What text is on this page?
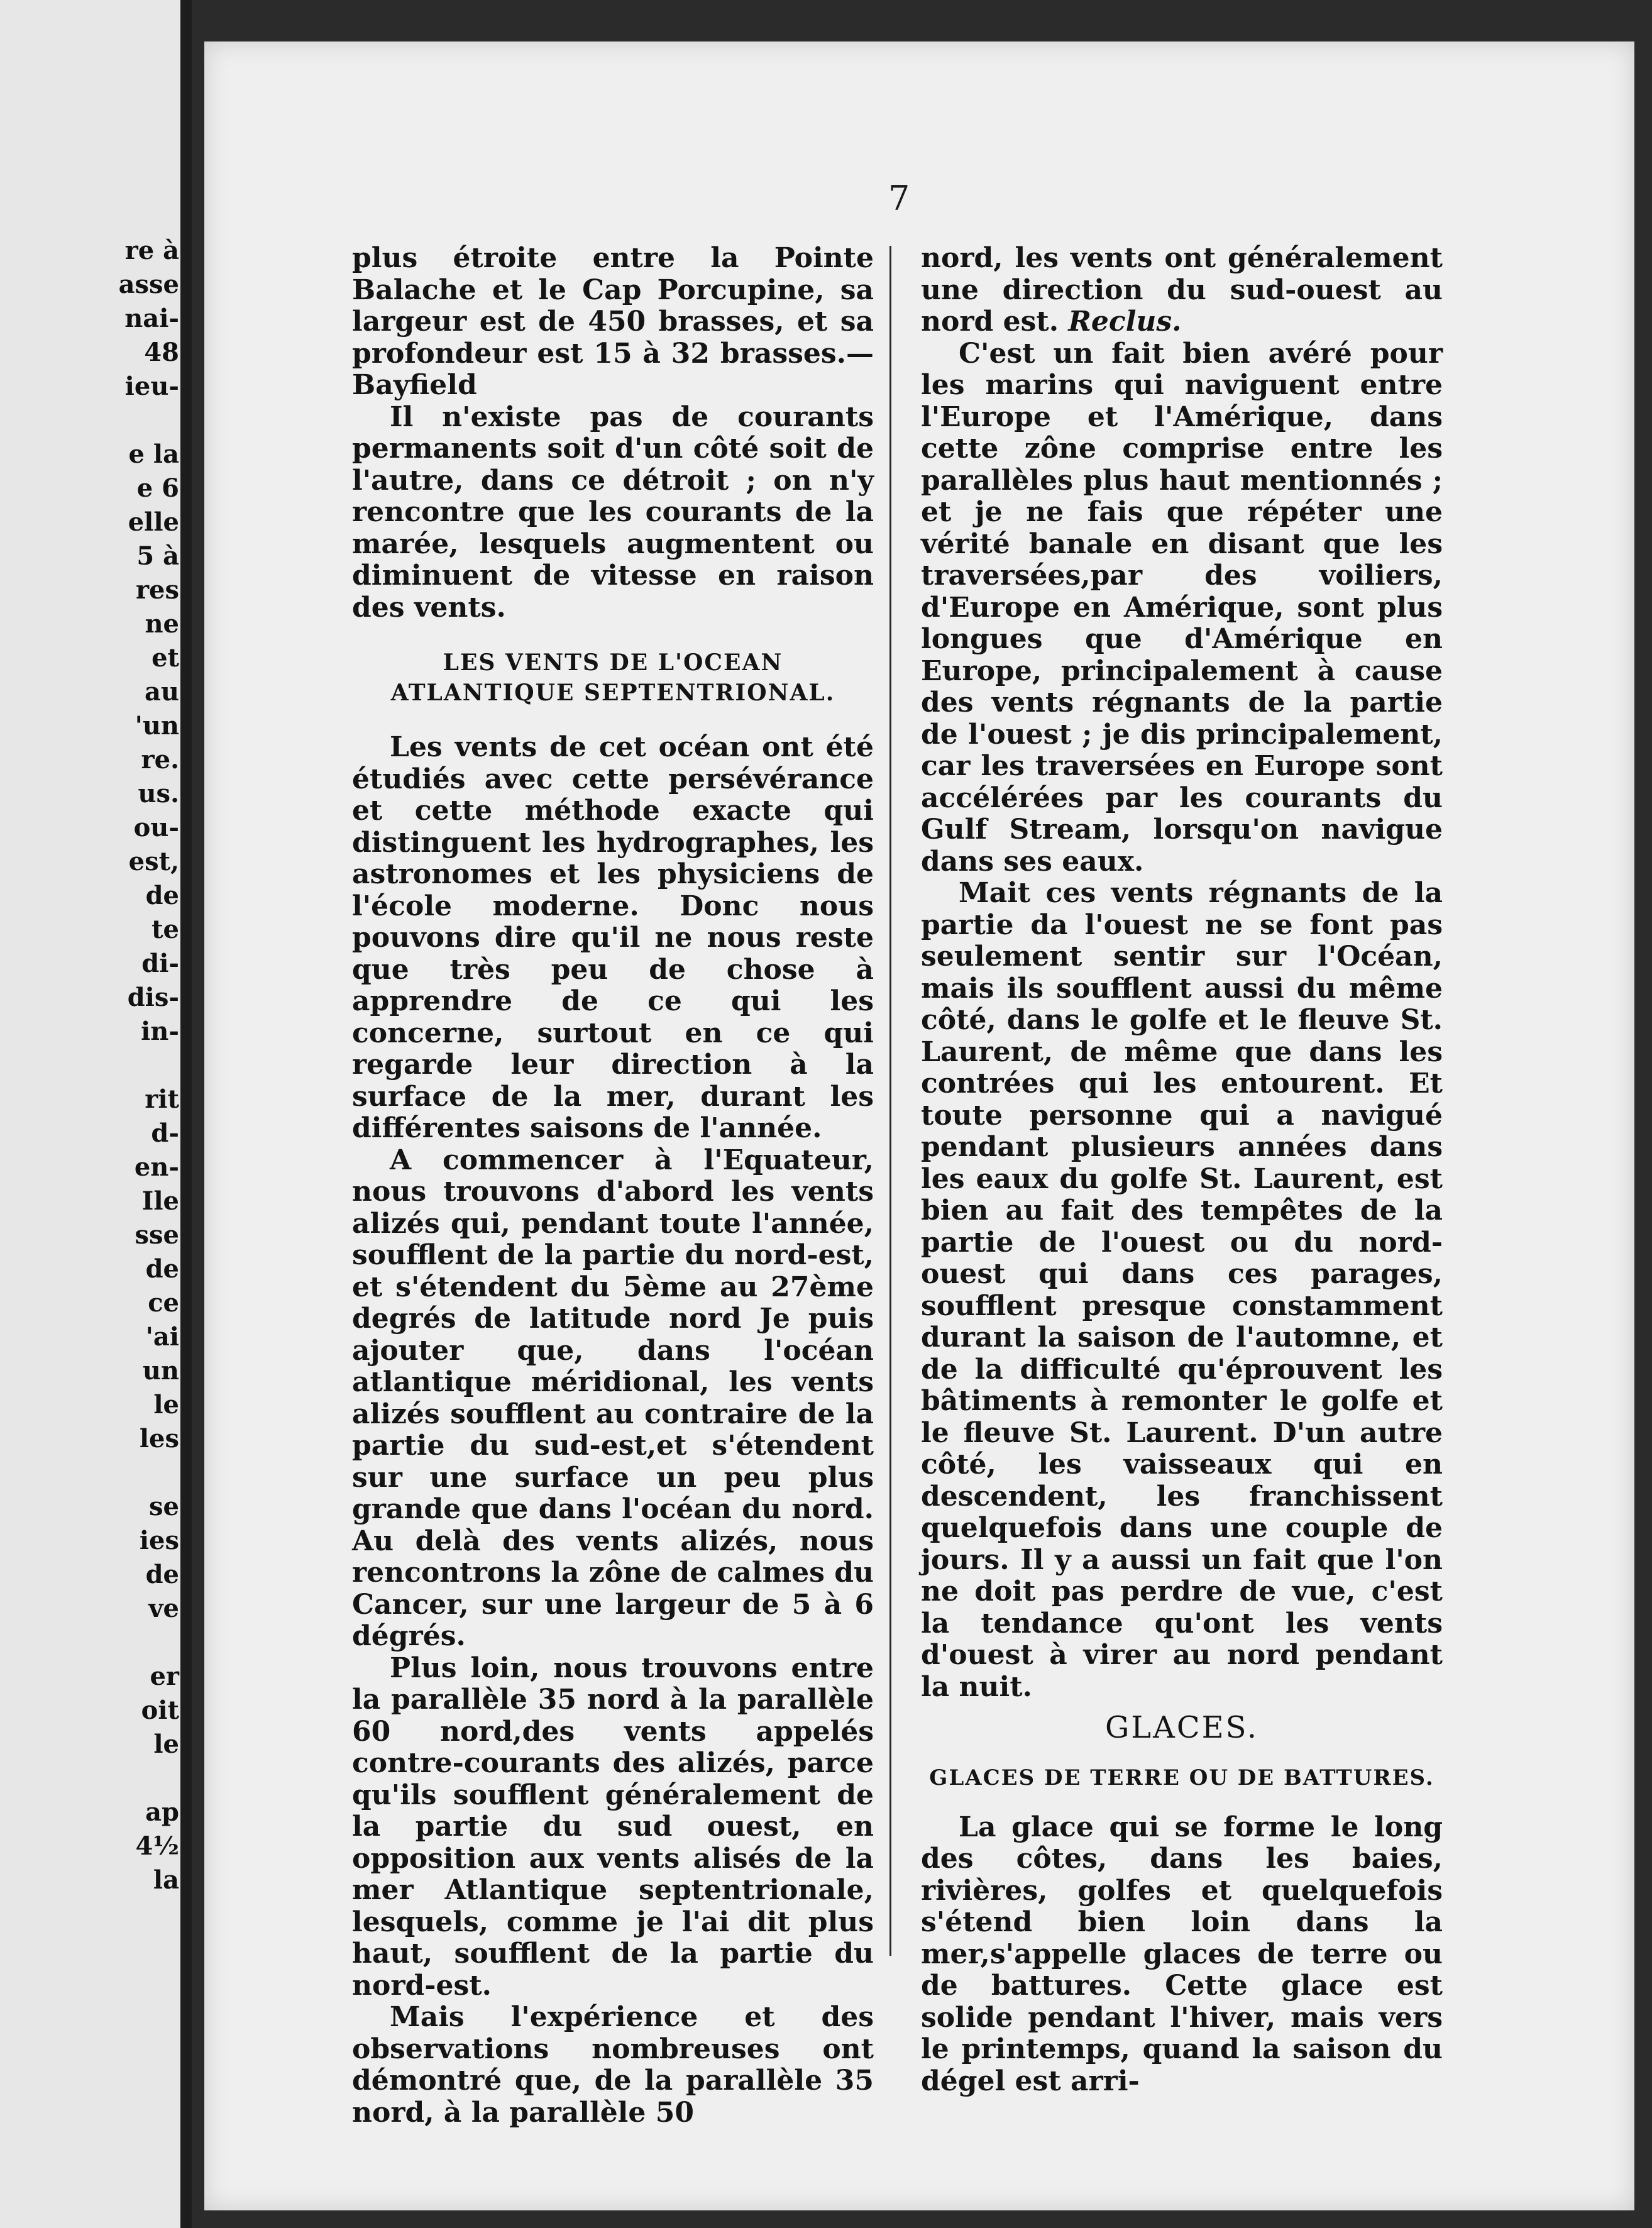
re à
asse
nai-
48
ieu-

e la
e 6
elle
5 à
res
ne
et
au
'un
re.
us.
ou-
est,
de
te
di-
dis-
in-

rit
d-
en-
Ile
sse
de
ce
'ai
un
le
les

se
ies
de
ve

er
oit
le

ap
4½
la
7

plus étroite entre la Pointe Balache et le Cap Porcupine, sa largeur est de 450 brasses, et sa profondeur est 15 à 32 brasses.—Bayfield

Il n'existe pas de courants permanents soit d'un côté soit de l'autre, dans ce détroit ; on n'y rencontre que les courants de la marée, lesquels augmentent ou diminuent de vitesse en raison des vents.

LES VENTS DE L'OCEAN ATLANTIQUE SEPTENTRIONAL.

Les vents de cet océan ont été étudiés avec cette persévérance et cette méthode exacte qui distinguent les hydrographes, les astronomes et les physiciens de l'école moderne. Donc nous pouvons dire qu'il ne nous reste que très peu de chose à apprendre de ce qui les concerne, surtout en ce qui regarde leur direction à la surface de la mer, durant les différentes saisons de l'année.

A commencer à l'Equateur, nous trouvons d'abord les vents alizés qui, pendant toute l'année, soufflent de la partie du nord-est, et s'étendent du 5ème au 27ème degrés de latitude nord Je puis ajouter que, dans l'océan atlantique méridional, les vents alizés soufflent au contraire de la partie du sud-est,et s'étendent sur une surface un peu plus grande que dans l'océan du nord. Au delà des vents alizés, nous rencontrons la zône de calmes du Cancer, sur une largeur de 5 à 6 dégrés.

Plus loin, nous trouvons entre la parallèle 35 nord à la parallèle 60 nord,des vents appelés contre-courants des alizés, parce qu'ils soufflent généralement de la partie du sud ouest, en opposition aux vents alisés de la mer Atlantique septentrionale, lesquels, comme je l'ai dit plus haut, soufflent de la partie du nord-est.

Mais l'expérience et des observations nombreuses ont démontré que, de la parallèle 35 nord, à la parallèle 50

nord, les vents ont généralement une direction du sud-ouest au nord est. Reclus.

C'est un fait bien avéré pour les marins qui naviguent entre l'Europe et l'Amérique, dans cette zône comprise entre les parallèles plus haut mentionnés ; et je ne fais que répéter une vérité banale en disant que les traversées,par des voiliers, d'Europe en Amérique, sont plus longues que d'Amérique en Europe, principalement à cause des vents régnants de la partie de l'ouest ; je dis principalement, car les traversées en Europe sont accélérées par les courants du Gulf Stream, lorsqu'on navigue dans ses eaux.

Mait ces vents régnants de la partie da l'ouest ne se font pas seulement sentir sur l'Océan, mais ils soufflent aussi du même côté, dans le golfe et le fleuve St. Laurent, de même que dans les contrées qui les entourent. Et toute personne qui a navigué pendant plusieurs années dans les eaux du golfe St. Laurent, est bien au fait des tempêtes de la partie de l'ouest ou du nord-ouest qui dans ces parages, soufflent presque constamment durant la saison de l'automne, et de la difficulté qu'éprouvent les bâtiments à remonter le golfe et le fleuve St. Laurent. D'un autre côté, les vaisseaux qui en descendent, les franchissent quelquefois dans une couple de jours. Il y a aussi un fait que l'on ne doit pas perdre de vue, c'est la tendance qu'ont les vents d'ouest à virer au nord pendant la nuit.

GLACES.
GLACES DE TERRE OU DE BATTURES.

La glace qui se forme le long des côtes, dans les baies, rivières, golfes et quelquefois s'étend bien loin dans la mer,s'appelle glaces de terre ou de battures. Cette glace est solide pendant l'hiver, mais vers le printemps, quand la saison du dégel est arri-
